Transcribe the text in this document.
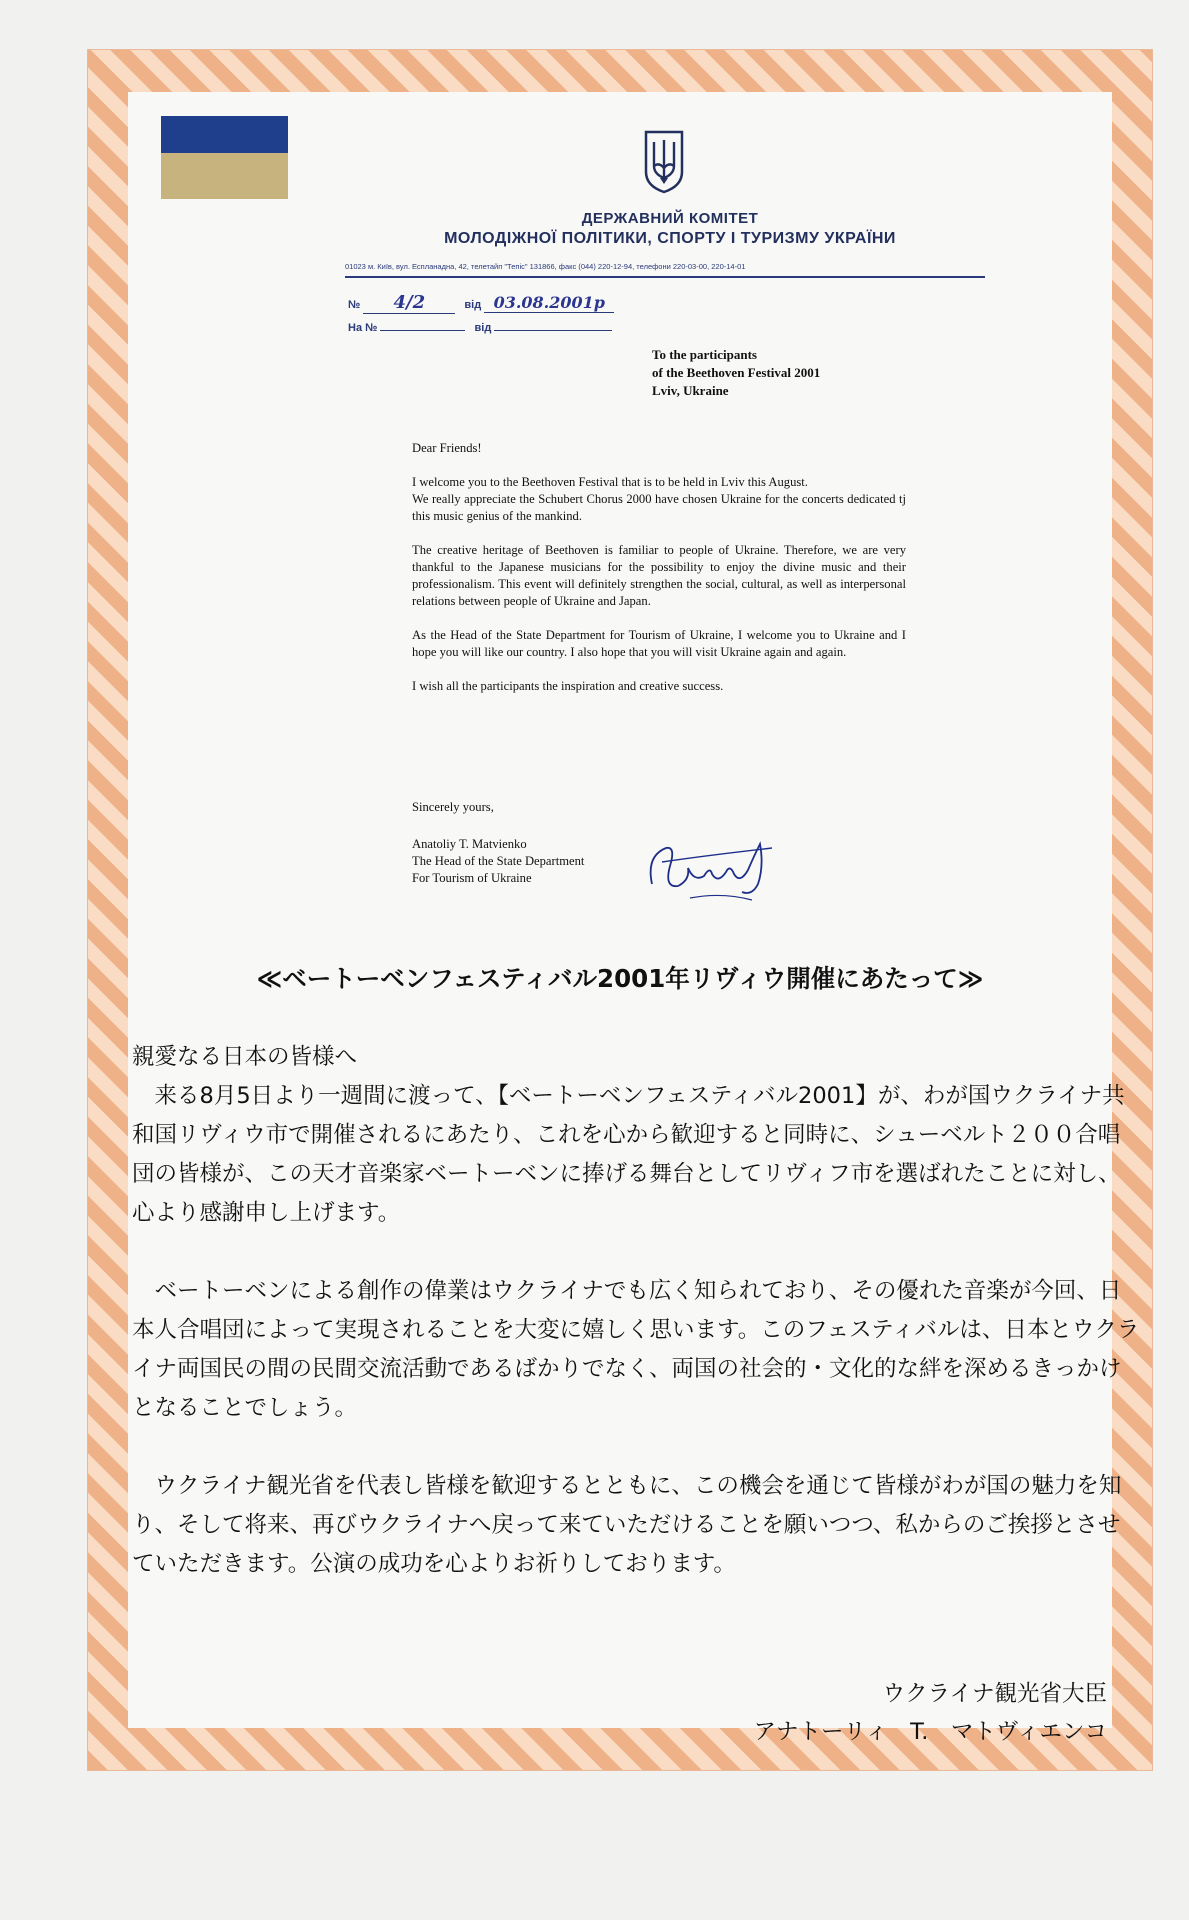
ДЕРЖАВНИЙ КОМІТЕТ
МОЛОДІЖНОЇ ПОЛІТИКИ, СПОРТУ І ТУРИЗМУ УКРАЇНИ
01023 м. Київ, вул. Еспланадна, 42, телетайп "Тепіс" 131866, факс (044) 220-12-94, телефони 220-03-00, 220-14-01
№ 4/2	від 03.08.2001р
На №	від
To the participants
of the Beethoven Festival 2001
Lviv, Ukraine

Dear Friends!

I welcome you to the Beethoven Festival that is to be held in Lviv this August.

We really appreciate the Schubert Chorus 2000 have chosen Ukraine for the concerts dedicated tj this music genius of the mankind.

The creative heritage of Beethoven is familiar to people of Ukraine. Therefore, we are very thankful to the Japanese musicians for the possibility to enjoy the divine music and their professionalism. This event will definitely strengthen the social, cultural, as well as interpersonal relations between people of Ukraine and Japan.

As the Head of the State Department for Tourism of Ukraine, I welcome you to Ukraine and I hope you will like our country. I also hope that you will visit Ukraine again and again.

I wish all the participants the inspiration and creative success.

Sincerely yours,
Anatoliy T. Matvienko
The Head of the State Department
For Tourism of Ukraine
≪ベートーベンフェスティバル2001年リヴィウ開催にあたって≫

親愛なる日本の皆様へ

　来る8月5日より一週間に渡って、【ベートーベンフェスティバル2001】が、わが国ウクライナ共和国リヴィウ市で開催されるにあたり、これを心から歓迎すると同時に、シューベルト２００合唱団の皆様が、この天才音楽家ベートーベンに捧げる舞台としてリヴィフ市を選ばれたことに対し、心より感謝申し上げます。

　ベートーベンによる創作の偉業はウクライナでも広く知られており、その優れた音楽が今回、日本人合唱団によって実現されることを大変に嬉しく思います。このフェスティバルは、日本とウクライナ両国民の間の民間交流活動であるばかりでなく、両国の社会的・文化的な絆を深めるきっかけとなることでしょう。

　ウクライナ観光省を代表し皆様を歓迎するとともに、この機会を通じて皆様がわが国の魅力を知り、そして将来、再びウクライナへ戻って来ていただけることを願いつつ、私からのご挨拶とさせていただきます。公演の成功を心よりお祈りしております。

ウクライナ観光省大臣
アナトーリィ　T.　マトヴィエンコ
